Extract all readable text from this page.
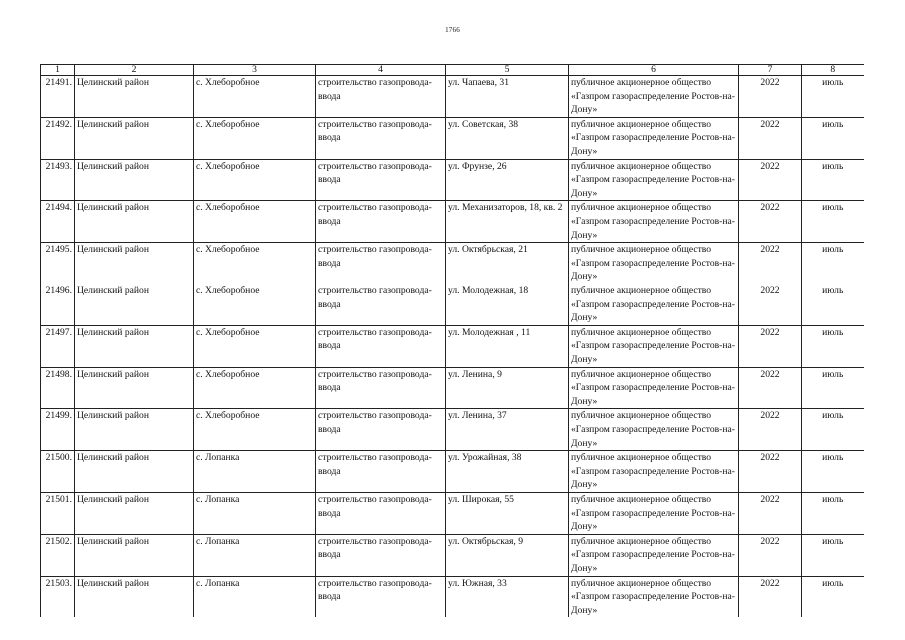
1766
1	2	3	4	5	6	7	8
21491.	Целинский район	с. Хлеборобное	строительство газопровода-ввода	ул. Чапаева, 31	публичное акционерное общество «Газпром газораспределение Ростов-на-Дону»	2022	июль
21492.	Целинский район	с. Хлеборобное	строительство газопровода-ввода	ул. Советская, 38	публичное акционерное общество «Газпром газораспределение Ростов-на-Дону»	2022	июль
21493.	Целинский район	с. Хлеборобное	строительство газопровода-ввода	ул. Фрунзе, 26	публичное акционерное общество «Газпром газораспределение Ростов-на-Дону»	2022	июль
21494.	Целинский район	с. Хлеборобное	строительство газопровода-ввода	ул. Механизаторов, 18, кв. 2	публичное акционерное общество «Газпром газораспределение Ростов-на-Дону»	2022	июль
21495.	Целинский район	с. Хлеборобное	строительство газопровода-ввода	ул. Октябрьская, 21	публичное акционерное общество «Газпром газораспределение Ростов-на-Дону»	2022	июль
21496.	Целинский район	с. Хлеборобное	строительство газопровода-ввода	ул. Молодежная, 18	публичное акционерное общество «Газпром газораспределение Ростов-на-Дону»	2022	июль
21497.	Целинский район	с. Хлеборобное	строительство газопровода-ввода	ул. Молодежная , 11	публичное акционерное общество «Газпром газораспределение Ростов-на-Дону»	2022	июль
21498.	Целинский район	с. Хлеборобное	строительство газопровода-ввода	ул. Ленина, 9	публичное акционерное общество «Газпром газораспределение Ростов-на-Дону»	2022	июль
21499.	Целинский район	с. Хлеборобное	строительство газопровода-ввода	ул. Ленина, 37	публичное акционерное общество «Газпром газораспределение Ростов-на-Дону»	2022	июль
21500.	Целинский район	с. Лопанка	строительство газопровода-ввода	ул. Урожайная, 38	публичное акционерное общество «Газпром газораспределение Ростов-на-Дону»	2022	июль
21501.	Целинский район	с. Лопанка	строительство газопровода-ввода	ул. Широкая, 55	публичное акционерное общество «Газпром газораспределение Ростов-на-Дону»	2022	июль
21502.	Целинский район	с. Лопанка	строительство газопровода-ввода	ул. Октябрьская, 9	публичное акционерное общество «Газпром газораспределение Ростов-на-Дону»	2022	июль
21503.	Целинский район	с. Лопанка	строительство газопровода-ввода	ул. Южная, 33	публичное акционерное общество «Газпром газораспределение Ростов-на-Дону»	2022	июль
